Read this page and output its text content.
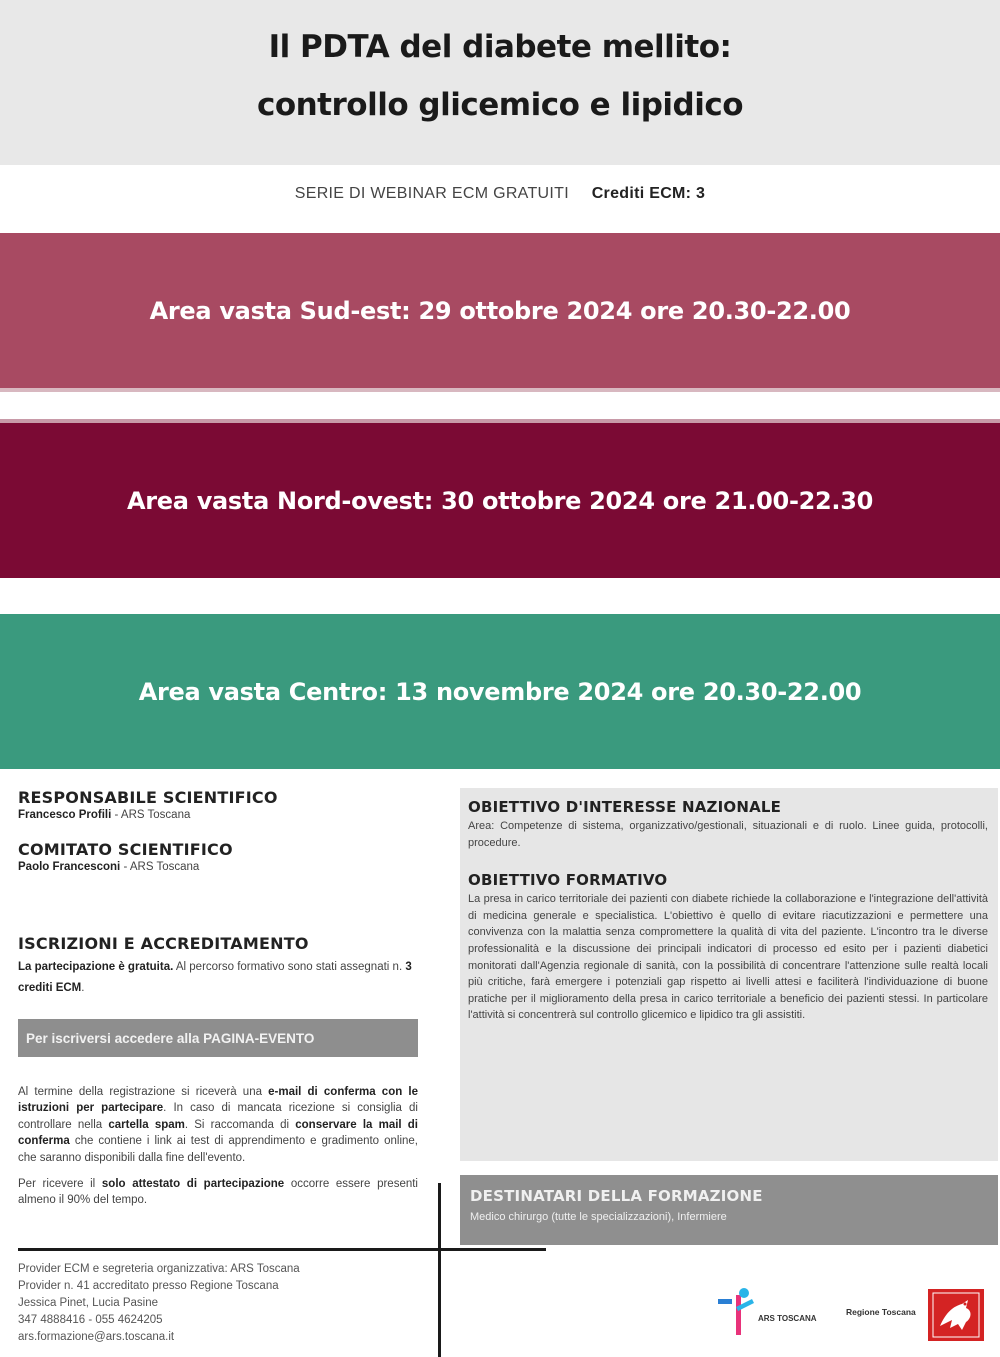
Il PDTA del diabete mellito:
controllo glicemico e lipidico
SERIE DI WEBINAR ECM GRATUITI Crediti ECM: 3
Area vasta Sud-est: 29 ottobre 2024 ore 20.30-22.00
Area vasta Nord-ovest: 30 ottobre 2024 ore 21.00-22.30
Area vasta Centro: 13 novembre 2024 ore 20.30-22.00
RESPONSABILE SCIENTIFICO
Francesco Profili - ARS Toscana
COMITATO SCIENTIFICO
Paolo Francesconi - ARS Toscana
ISCRIZIONI E ACCREDITAMENTO
La partecipazione è gratuita. Al percorso formativo sono stati assegnati n. 3 crediti ECM.
Per iscriversi accedere alla PAGINA-EVENTO
Al termine della registrazione si riceverà una e-mail di conferma con le istruzioni per partecipare. In caso di mancata ricezione si consiglia di controllare nella cartella spam. Si raccomanda di conservare la mail di conferma che contiene i link ai test di apprendimento e gradimento online, che saranno disponibili dalla fine dell'evento.
Per ricevere il solo attestato di partecipazione occorre essere presenti almeno il 90% del tempo.
OBIETTIVO D'INTERESSE NAZIONALE
Area: Competenze di sistema, organizzativo/gestionali, situazionali e di ruolo. Linee guida, protocolli, procedure.
OBIETTIVO FORMATIVO
La presa in carico territoriale dei pazienti con diabete richiede la collaborazione e l'integrazione dell'attività di medicina generale e specialistica. L'obiettivo è quello di evitare riacutizzazioni e permettere una convivenza con la malattia senza compromettere la qualità di vita del paziente. L'incontro tra le diverse professionalità e la discussione dei principali indicatori di processo ed esito per i pazienti diabetici monitorati dall'Agenzia regionale di sanità, con la possibilità di concentrare l'attenzione sulle realtà locali più critiche, farà emergere i potenziali gap rispetto ai livelli attesi e faciliterà l'individuazione di buone pratiche per il miglioramento della presa in carico territoriale a beneficio dei pazienti stessi. In particolare l'attività si concentrerà sul controllo glicemico e lipidico tra gli assistiti.
DESTINATARI DELLA FORMAZIONE
Medico chirurgo (tutte le specializzazioni), Infermiere
Provider ECM e segreteria organizzativa: ARS Toscana
Provider n. 41 accreditato presso Regione Toscana
Jessica Pinet, Lucia Pasine
347 4888416 - 055 4624205
ars.formazione@ars.toscana.it
ARS TOSCANA
Regione Toscana
